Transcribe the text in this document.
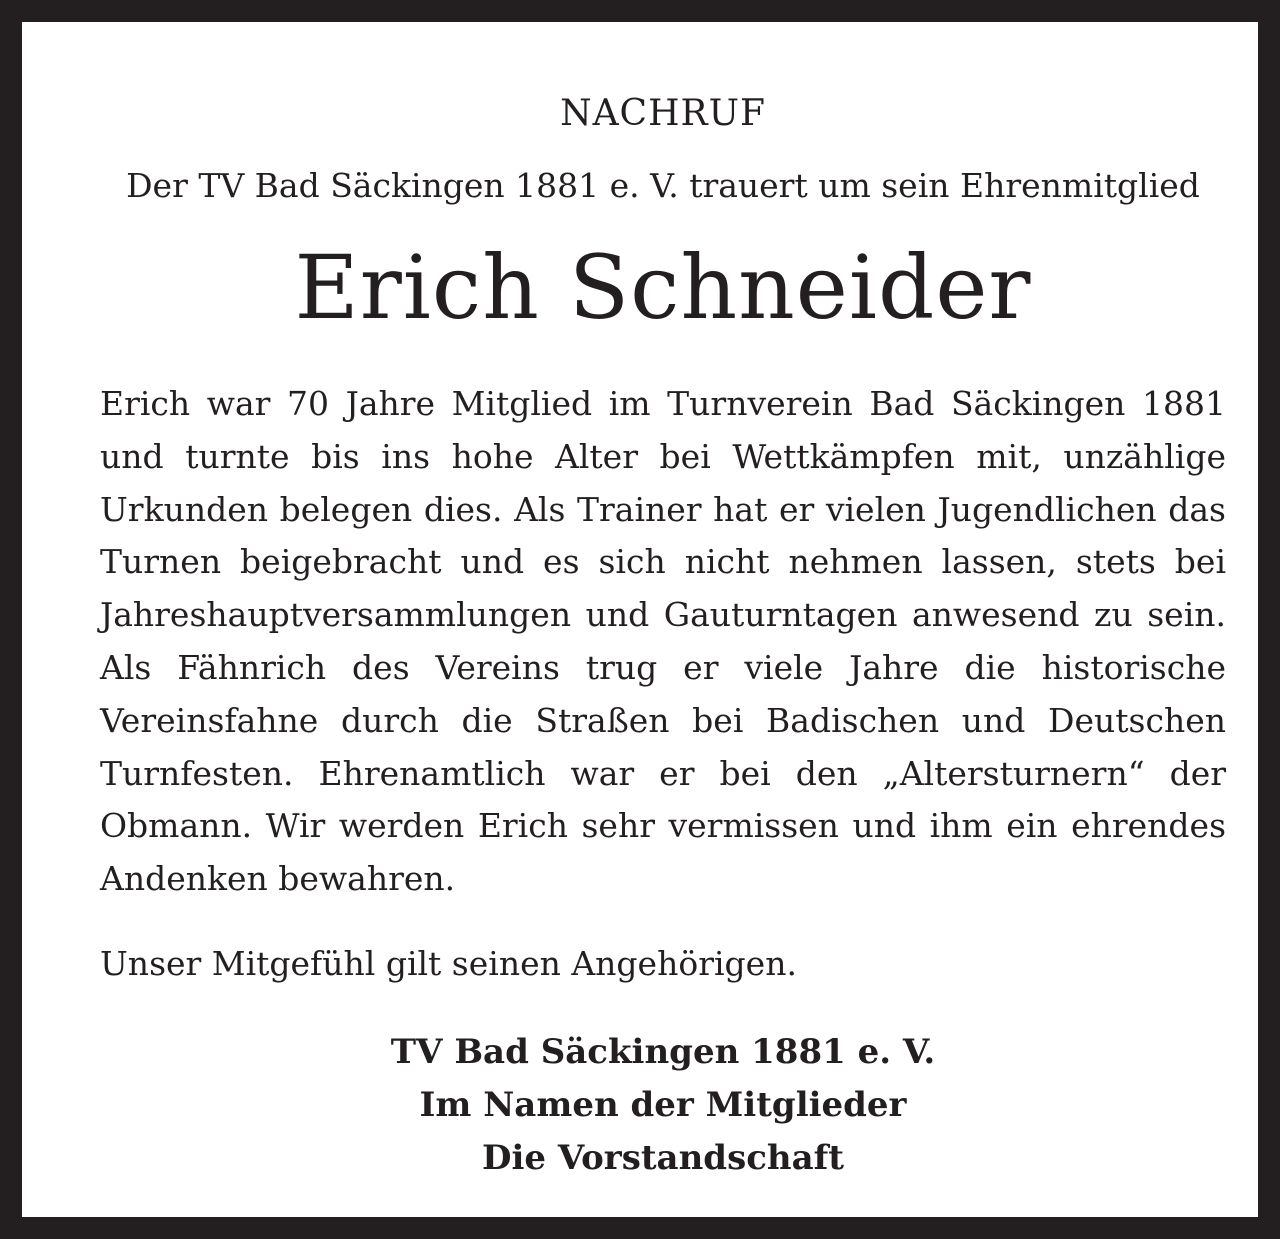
NACHRUF
Der TV Bad Säckingen 1881 e. V. trauert um sein Ehrenmitglied
Erich Schneider

Erich war 70 Jahre Mitglied im Turnverein Bad Säckingen 1881 und turnte bis ins hohe Alter bei Wettkämpfen mit, unzählige Urkunden belegen dies. Als Trainer hat er vielen Jugendlichen das Turnen beigebracht und es sich nicht nehmen lassen, stets bei Jahreshauptversammlungen und Gauturntagen anwesend zu sein. Als Fähnrich des Vereins trug er viele Jahre die historische Vereinsfahne durch die Straßen bei Badischen und Deutschen Turnfesten. Ehrenamtlich war er bei den „Altersturnern“ der Obmann. Wir werden Erich sehr vermissen und ihm ein ehrendes Andenken bewahren.

Unser Mitgefühl gilt seinen Angehörigen.

TV Bad Säckingen 1881 e. V.
Im Namen der Mitglieder
Die Vorstandschaft
